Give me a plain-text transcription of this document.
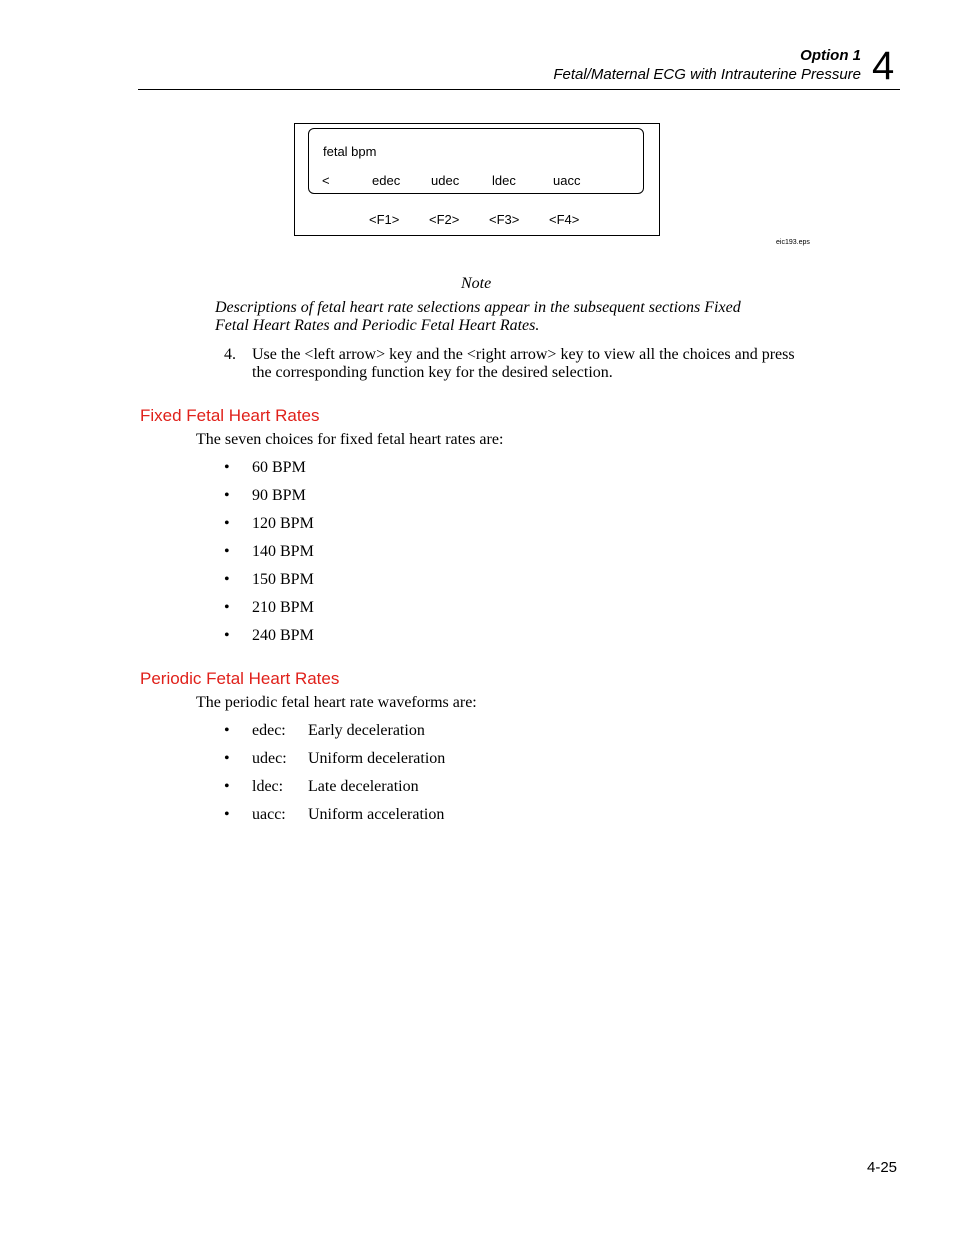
Option 1
Fetal/Maternal ECG with Intrauterine Pressure 4
fetal bpm
<	edec udec	ldec	uacc
<F1> <F2> <F3> <F4>
eic193.eps
Note
Descriptions of fetal heart rate selections appear in the subsequent sections Fixed Fetal Heart Rates and Periodic Fetal Heart Rates.
4. Use the <left arrow> key and the <right arrow> key to view all the choices and press the corresponding function key for the desired selection.
Fixed Fetal Heart Rates
The seven choices for fixed fetal heart rates are:
• 60 BPM
• 90 BPM
• 120 BPM
• 140 BPM
• 150 BPM
• 210 BPM
• 240 BPM
Periodic Fetal Heart Rates
The periodic fetal heart rate waveforms are:
• edec: Early deceleration
• udec: Uniform deceleration
• ldec: Late deceleration
• uacc: Uniform acceleration
4-25
